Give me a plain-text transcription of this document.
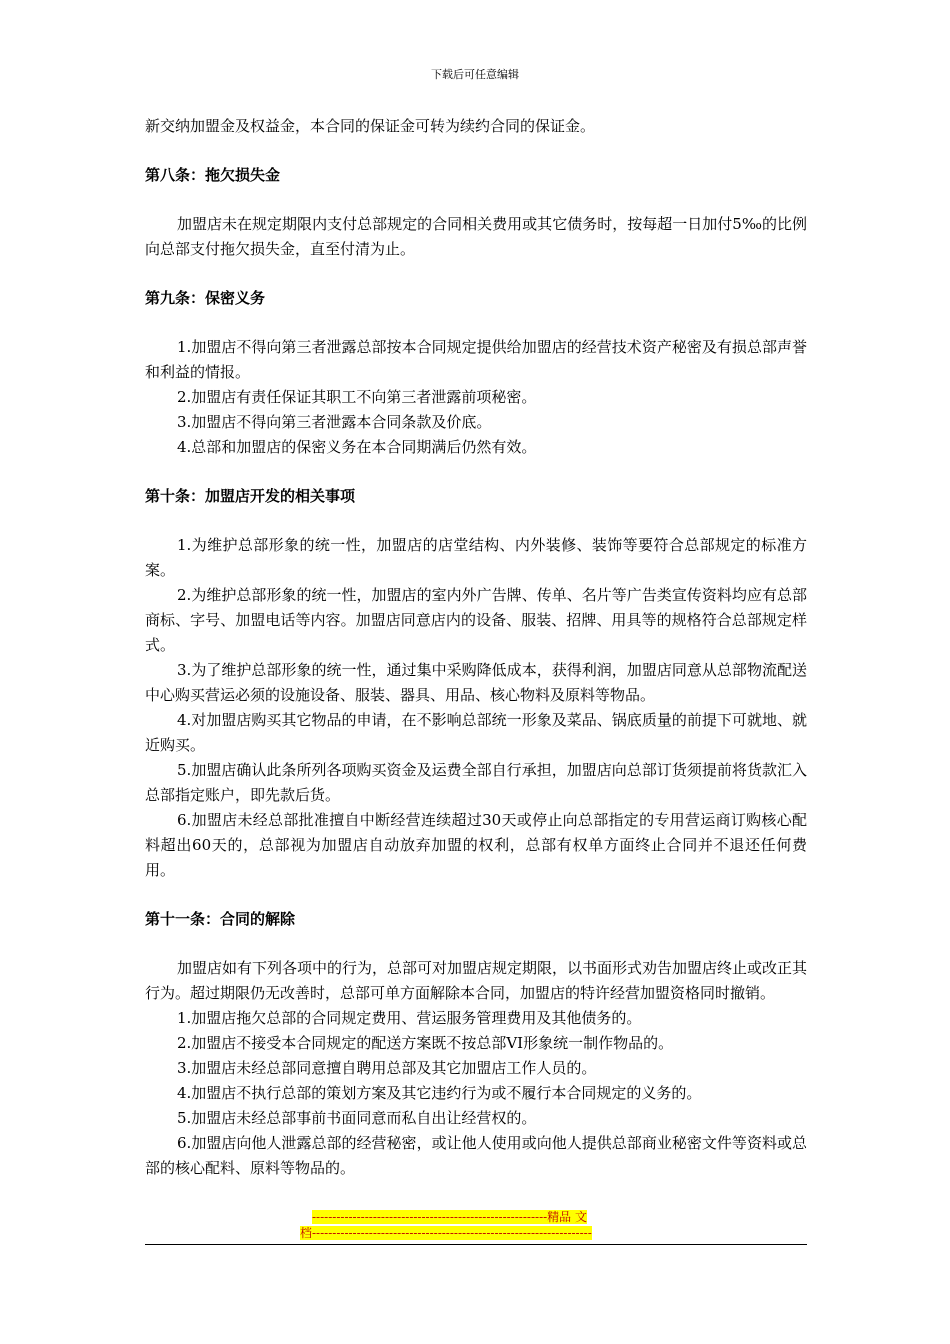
下载后可任意编辑

新交纳加盟金及权益金，本合同的保证金可转为续约合同的保证金。

第八条：拖欠损失金

加盟店未在规定期限内支付总部规定的合同相关费用或其它债务时，按每超一日加付5‰的比例向总部支付拖欠损失金，直至付清为止。

第九条：保密义务

1.加盟店不得向第三者泄露总部按本合同规定提供给加盟店的经营技术资产秘密及有损总部声誉和利益的情报。

2.加盟店有责任保证其职工不向第三者泄露前项秘密。

3.加盟店不得向第三者泄露本合同条款及价底。

4.总部和加盟店的保密义务在本合同期满后仍然有效。

第十条：加盟店开发的相关事项

1.为维护总部形象的统一性，加盟店的店堂结构、内外装修、装饰等要符合总部规定的标准方案。

2.为维护总部形象的统一性，加盟店的室内外广告牌、传单、名片等广告类宣传资料均应有总部商标、字号、加盟电话等内容。加盟店同意店内的设备、服装、招牌、用具等的规格符合总部规定样式。

3.为了维护总部形象的统一性，通过集中采购降低成本，获得利润，加盟店同意从总部物流配送中心购买营运必须的设施设备、服装、器具、用品、核心物料及原料等物品。

4.对加盟店购买其它物品的申请，在不影响总部统一形象及菜品、锅底质量的前提下可就地、就近购买。

5.加盟店确认此条所列各项购买资金及运费全部自行承担，加盟店向总部订货须提前将货款汇入总部指定账户，即先款后货。

6.加盟店未经总部批准擅自中断经营连续超过30天或停止向总部指定的专用营运商订购核心配料超出60天的，总部视为加盟店自动放弃加盟的权利，总部有权单方面终止合同并不退还任何费用。

第十一条：合同的解除

加盟店如有下列各项中的行为，总部可对加盟店规定期限，以书面形式劝告加盟店终止或改正其行为。超过期限仍无改善时，总部可单方面解除本合同，加盟店的特许经营加盟资格同时撤销。

1.加盟店拖欠总部的合同规定费用、营运服务管理费用及其他债务的。

2.加盟店不接受本合同规定的配送方案既不按总部VI形象统一制作物品的。

3.加盟店未经总部同意擅自聘用总部及其它加盟店工作人员的。

4.加盟店不执行总部的策划方案及其它违约行为或不履行本合同规定的义务的。

5.加盟店未经总部事前书面同意而私自出让经营权的。

6.加盟店向他人泄露总部的经营秘密，或让他人使用或向他人提供总部商业秘密文件等资料或总部的核心配料、原料等物品的。

----------------------------------------------------------精品 文
档---------------------------------------------------------------------
